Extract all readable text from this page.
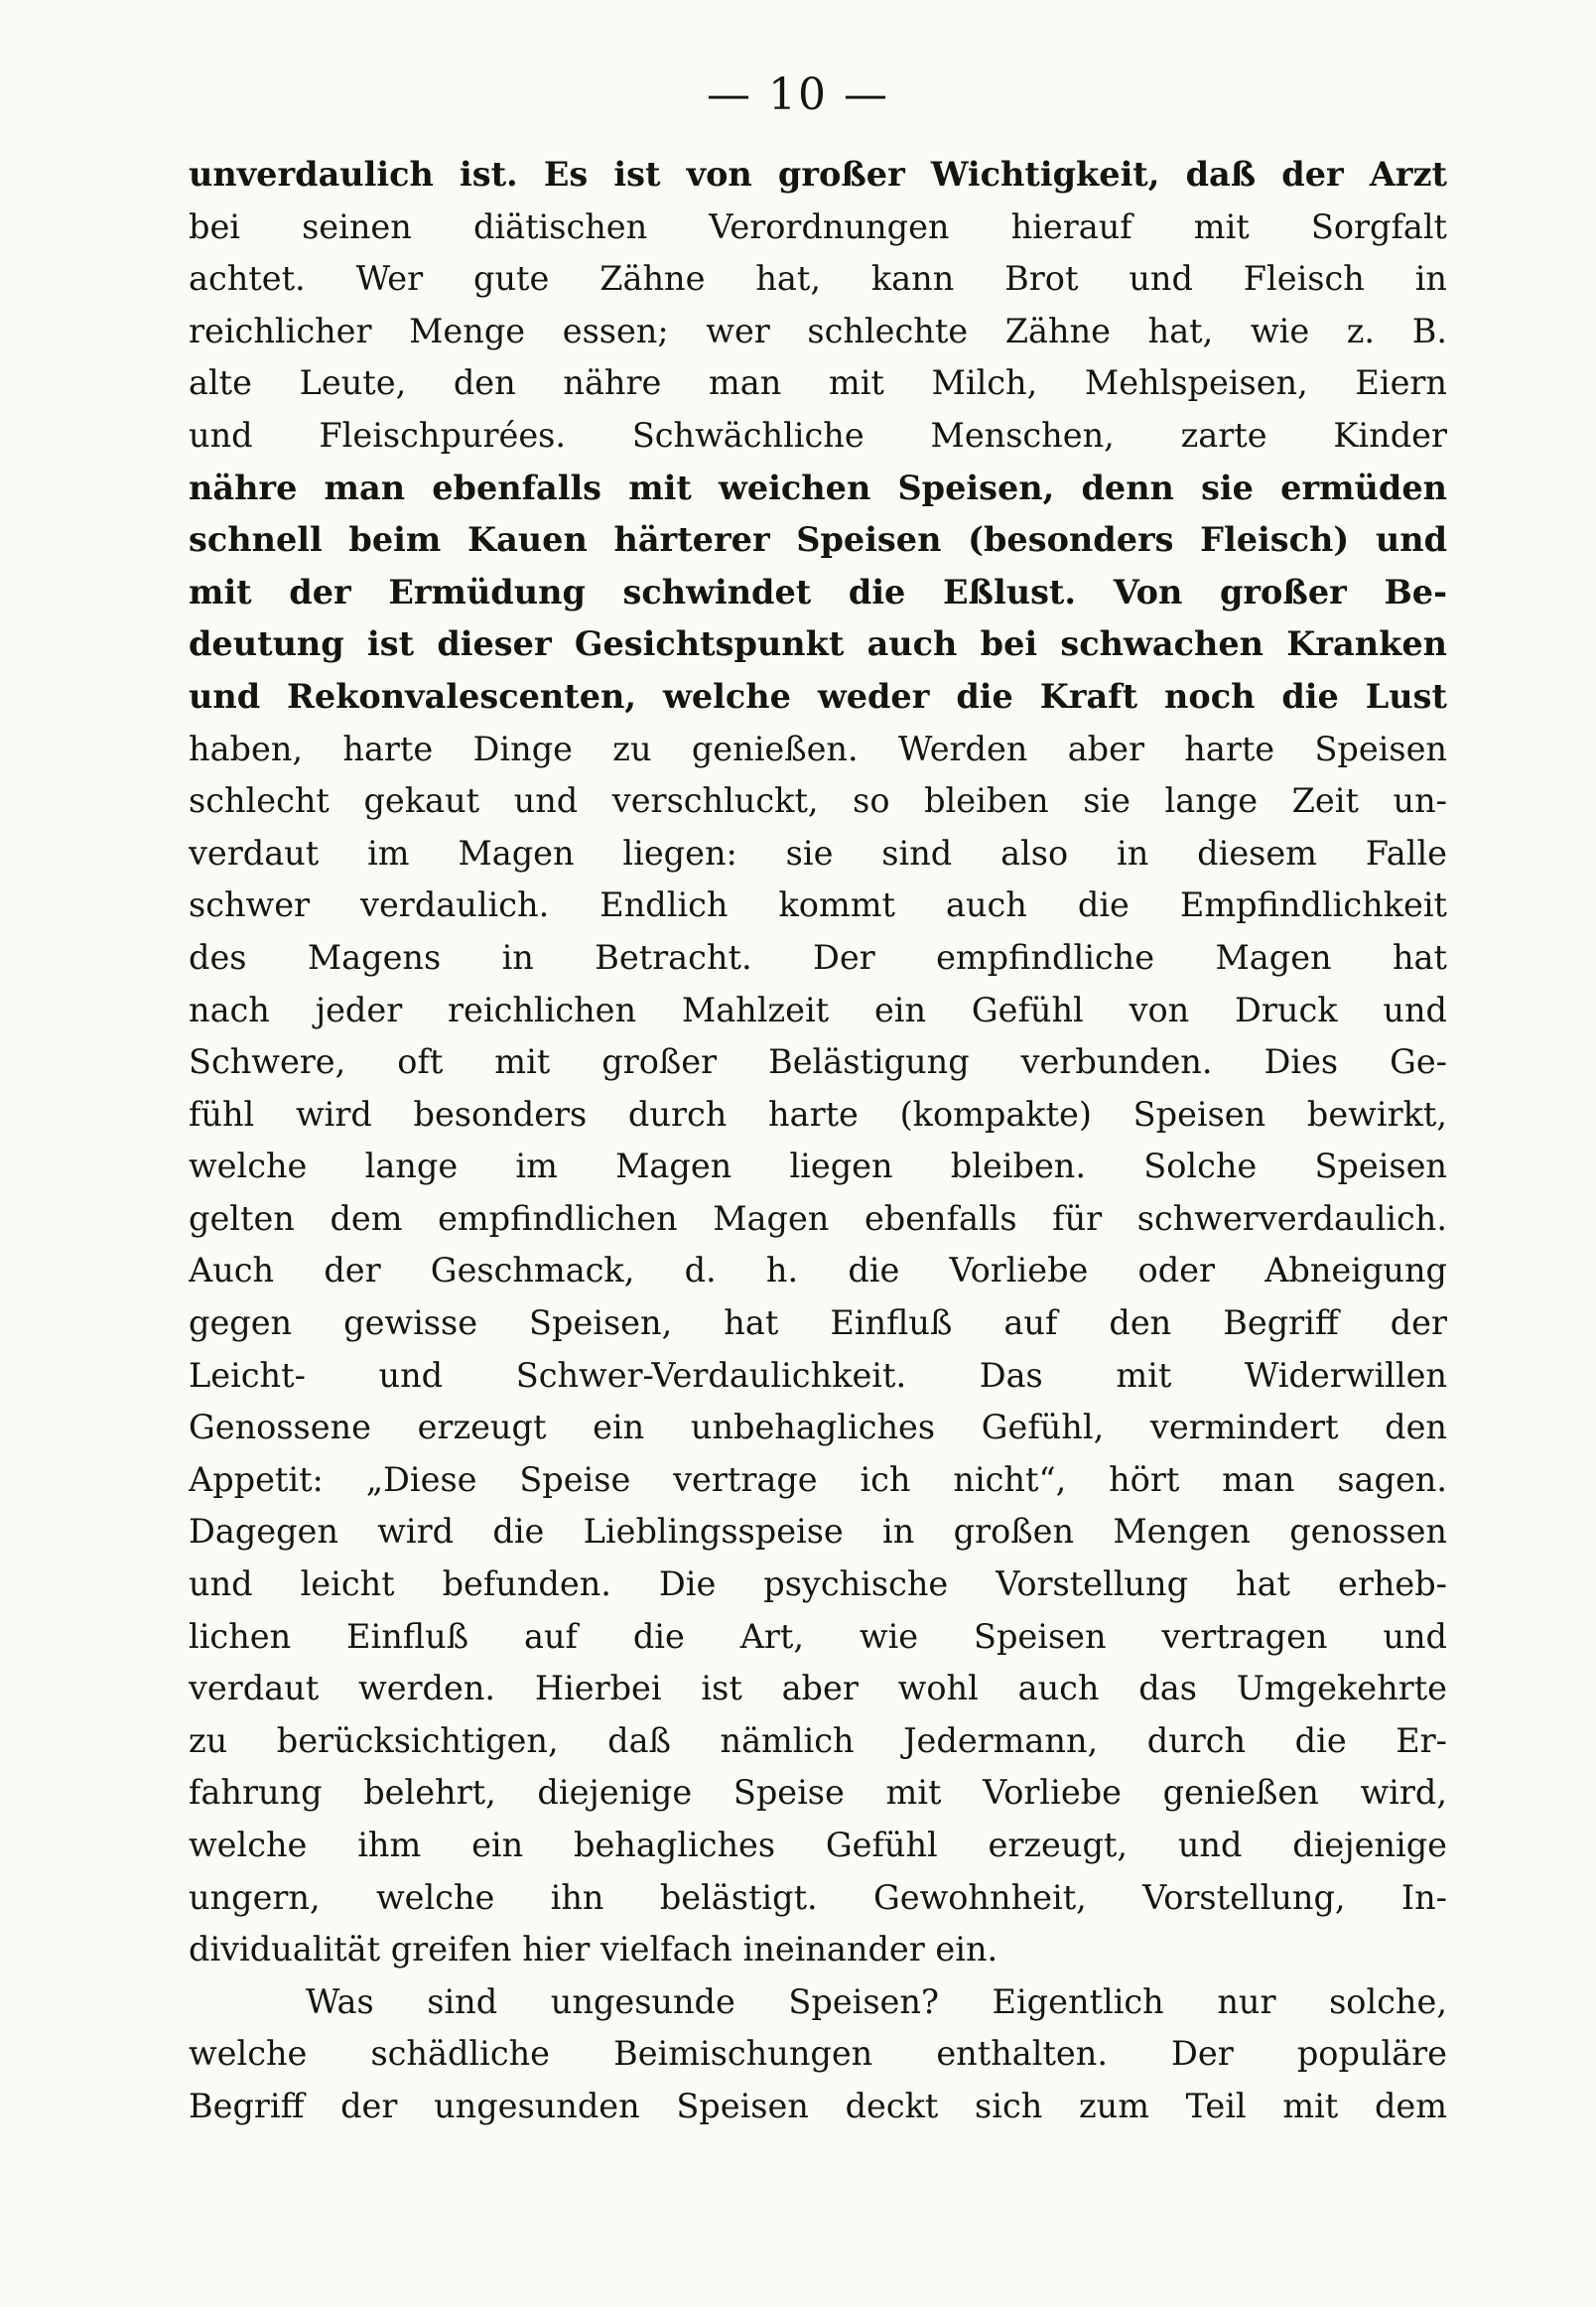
— 10 —
unverdaulich ist. Es ist von großer Wichtigkeit, daß der Arzt
bei seinen diätischen Verordnungen hierauf mit Sorgfalt
achtet. Wer gute Zähne hat, kann Brot und Fleisch in
reichlicher Menge essen; wer schlechte Zähne hat, wie z. B.
alte Leute, den nähre man mit Milch, Mehlspeisen, Eiern
und Fleischpurées. Schwächliche Menschen, zarte Kinder
nähre man ebenfalls mit weichen Speisen, denn sie ermüden
schnell beim Kauen härterer Speisen (besonders Fleisch) und
mit der Ermüdung schwindet die Eßlust. Von großer Be-
deutung ist dieser Gesichtspunkt auch bei schwachen Kranken
und Rekonvalescenten, welche weder die Kraft noch die Lust
haben, harte Dinge zu genießen. Werden aber harte Speisen
schlecht gekaut und verschluckt, so bleiben sie lange Zeit un-
verdaut im Magen liegen: sie sind also in diesem Falle
schwer verdaulich. Endlich kommt auch die Empfindlichkeit
des Magens in Betracht. Der empfindliche Magen hat
nach jeder reichlichen Mahlzeit ein Gefühl von Druck und
Schwere, oft mit großer Belästigung verbunden. Dies Ge-
fühl wird besonders durch harte (kompakte) Speisen bewirkt,
welche lange im Magen liegen bleiben. Solche Speisen
gelten dem empfindlichen Magen ebenfalls für schwerverdaulich.
Auch der Geschmack, d. h. die Vorliebe oder Abneigung
gegen gewisse Speisen, hat Einfluß auf den Begriff der
Leicht- und Schwer-Verdaulichkeit. Das mit Widerwillen
Genossene erzeugt ein unbehagliches Gefühl, vermindert den
Appetit: „Diese Speise vertrage ich nicht“, hört man sagen.
Dagegen wird die Lieblingsspeise in großen Mengen genossen
und leicht befunden. Die psychische Vorstellung hat erheb-
lichen Einfluß auf die Art, wie Speisen vertragen und
verdaut werden. Hierbei ist aber wohl auch das Umgekehrte
zu berücksichtigen, daß nämlich Jedermann, durch die Er-
fahrung belehrt, diejenige Speise mit Vorliebe genießen wird,
welche ihm ein behagliches Gefühl erzeugt, und diejenige
ungern, welche ihn belästigt. Gewohnheit, Vorstellung, In-
dividualität greifen hier vielfach ineinander ein.
Was sind ungesunde Speisen? Eigentlich nur solche,
welche schädliche Beimischungen enthalten. Der populäre
Begriff der ungesunden Speisen deckt sich zum Teil mit dem
